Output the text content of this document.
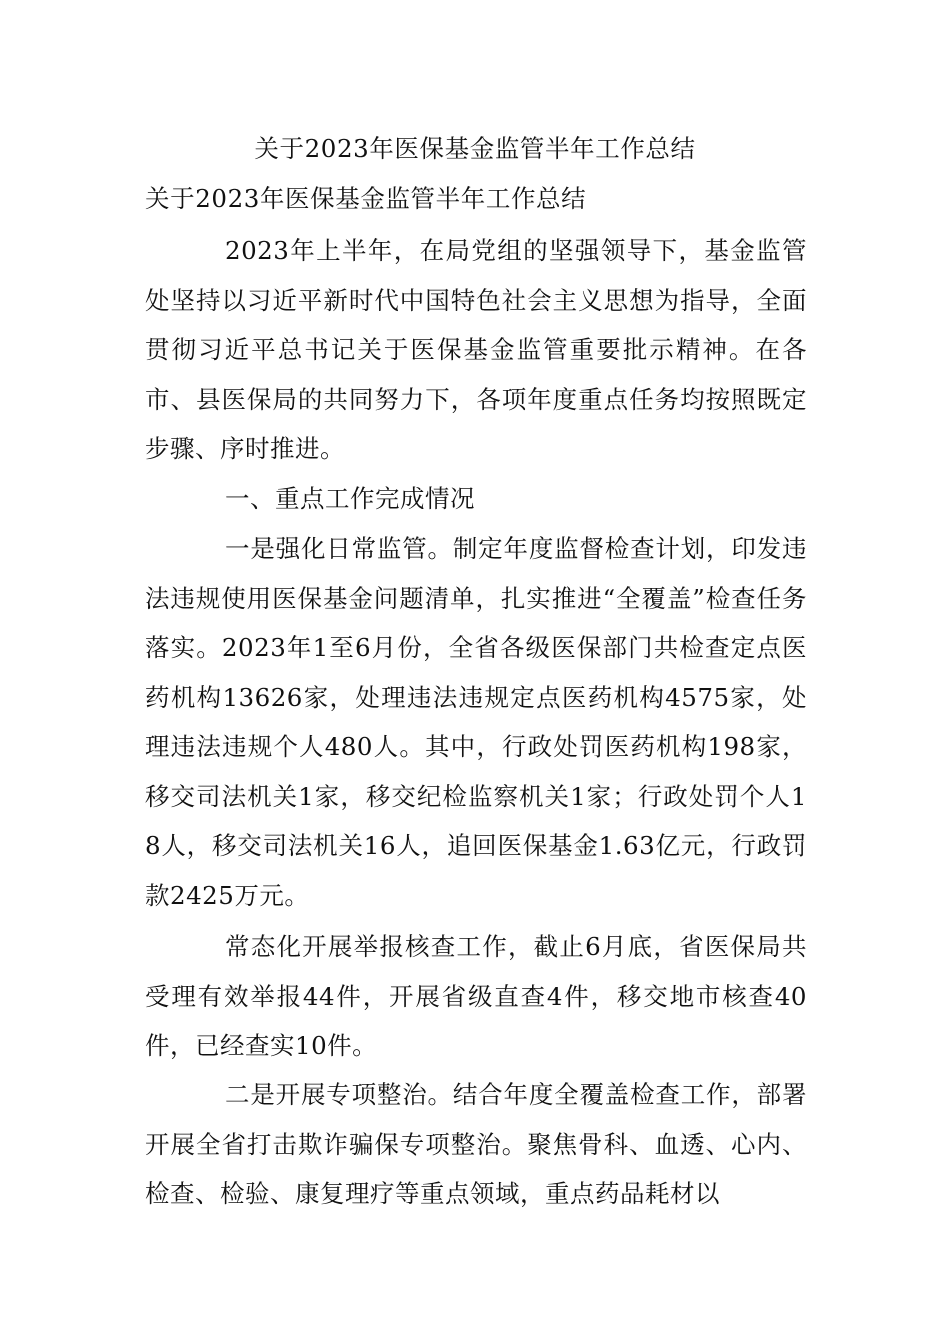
关于2023年医保基金监管半年工作总结
关于2023年医保基金监管半年工作总结
2023年上半年，在局党组的坚强领导下，基金监管处坚持以习近平新时代中国特色社会主义思想为指导，全面贯彻习近平总书记关于医保基金监管重要批示精神。在各市、县医保局的共同努力下，各项年度重点任务均按照既定步骤、序时推进。
一、重点工作完成情况
一是强化日常监管。制定年度监督检查计划，印发违法违规使用医保基金问题清单，扎实推进“全覆盖”检查任务落实。2023年1至6月份，全省各级医保部门共检查定点医药机构13626家，处理违法违规定点医药机构4575家，处理违法违规个人480人。其中，行政处罚医药机构198家，移交司法机关1家，移交纪检监察机关1家；行政处罚个人18人，移交司法机关16人，追回医保基金1.63亿元，行政罚款2425万元。
常态化开展举报核查工作，截止6月底，省医保局共受理有效举报44件，开展省级直查4件，移交地市核查40件，已经查实10件。
二是开展专项整治。结合年度全覆盖检查工作，部署开展全省打击欺诈骗保专项整治。聚焦骨科、血透、心内、检查、检验、康复理疗等重点领域，重点药品耗材以
